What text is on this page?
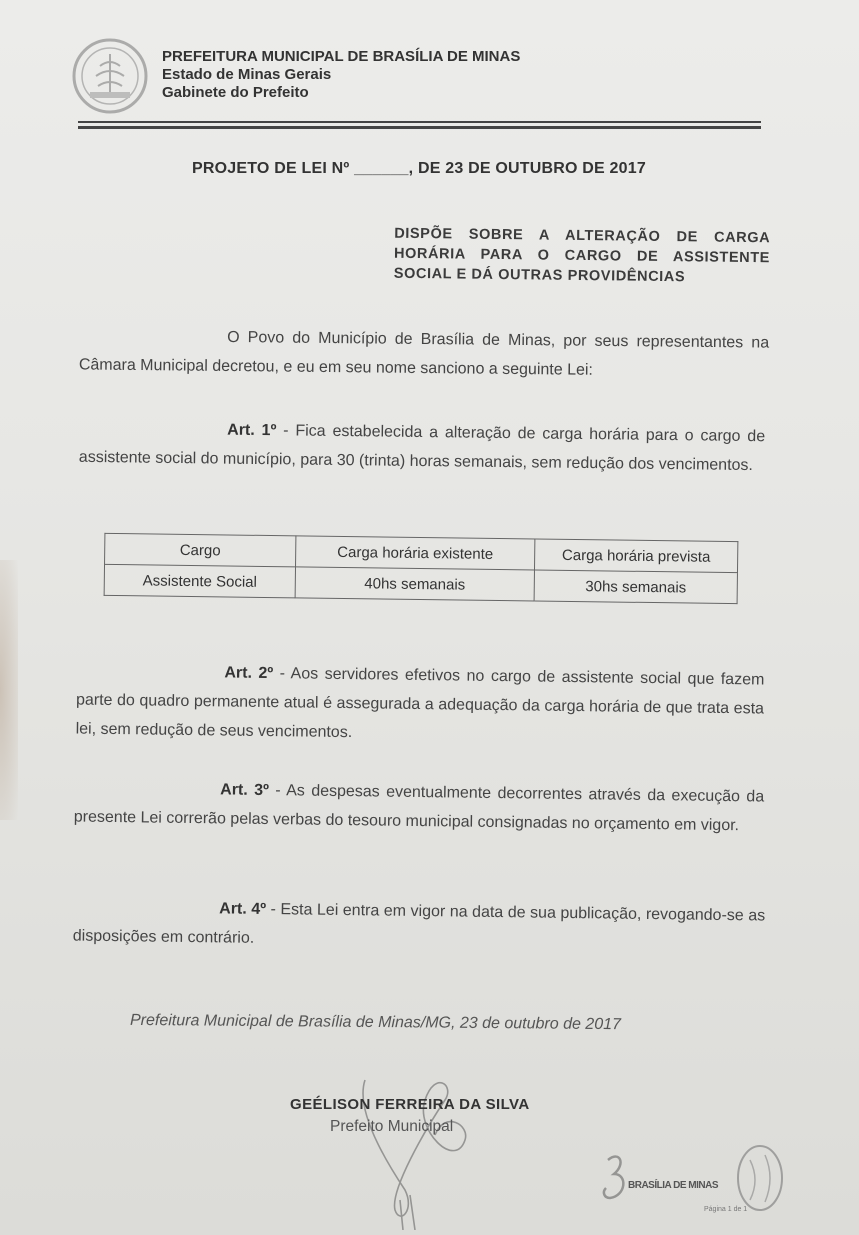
PREFEITURA MUNICIPAL DE BRASÍLIA DE MINAS
Estado de Minas Gerais
Gabinete do Prefeito
PROJETO DE LEI Nº ______, DE 23 DE OUTUBRO DE 2017
DISPÕE SOBRE A ALTERAÇÃO DE CARGA HORÁRIA PARA O CARGO DE ASSISTENTE SOCIAL E DÁ OUTRAS PROVIDÊNCIAS
O Povo do Município de Brasília de Minas, por seus representantes na Câmara Municipal decretou, e eu em seu nome sanciono a seguinte Lei:
Art. 1º - Fica estabelecida a alteração de carga horária para o cargo de assistente social do município, para 30 (trinta) horas semanais, sem redução dos vencimentos.
Cargo	Carga horária existente	Carga horária prevista
Assistente Social	40hs semanais	30hs semanais
Art. 2º - Aos servidores efetivos no cargo de assistente social que fazem parte do quadro permanente atual é assegurada a adequação da carga horária de que trata esta lei, sem redução de seus vencimentos.
Art. 3º - As despesas eventualmente decorrentes através da execução da presente Lei correrão pelas verbas do tesouro municipal consignadas no orçamento em vigor.
Art. 4º - Esta Lei entra em vigor na data de sua publicação, revogando-se as disposições em contrário.
Prefeitura Municipal de Brasília de Minas/MG, 23 de outubro de 2017
GEÉLISON FERREIRA DA SILVA
Prefeito Municipal
BRASÍLIA DE MINAS
Página 1 de 1
